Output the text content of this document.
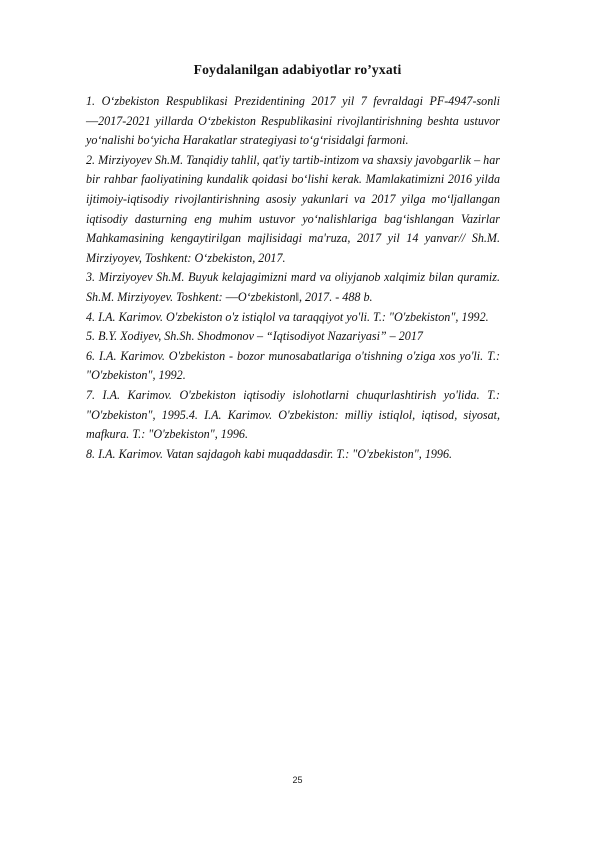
Foydalanilgan adabiyotlar ro’yxati

1. O‘zbekiston Respublikasi Prezidentining 2017 yil 7 fevraldagi PF-4947-sonli ―2017-2021 yillarda O‘zbekiston Respublikasini rivojlantirishning beshta ustuvor yo‘nalishi bo‘yicha Harakatlar strategiyasi to‘g‘risida‖gi farmoni.

2. Mirziyoyev Sh.M. Tanqidiy tahlil, qat'iy tartib-intizom va shaxsiy javobgarlik – har bir rahbar faoliyatining kundalik qoidasi bo‘lishi kerak. Mamlakatimizni 2016 yilda ijtimoiy-iqtisodiy rivojlantirishning asosiy yakunlari va 2017 yilga mo‘ljallangan iqtisodiy dasturning eng muhim ustuvor yo‘nalishlariga bag‘ishlangan Vazirlar Mahkamasining kengaytirilgan majlisidagi ma'ruza, 2017 yil 14 yanvar// Sh.M. Mirziyoyev, Toshkent: O‘zbekiston, 2017.

3. Mirziyoyev Sh.M. Buyuk kelajagimizni mard va oliyjanob xalqimiz bilan quramiz. Sh.M. Mirziyoyev. Toshkent: ―O‘zbekiston‖, 2017. - 488 b.

4. I.A. Karimov. O'zbekiston o'z istiqlol va taraqqiyot yo'li. T.: "O'zbekiston", 1992.

5. B.Y. Xodiyev, Sh.Sh. Shodmonov – “Iqtisodiyot Nazariyasi” – 2017

6. I.A. Karimov. O'zbekiston - bozor munosabatlariga o'tishning o'ziga xos yo'li. T.: "O'zbekiston", 1992.

7. I.A. Karimov. O'zbekiston iqtisodiy islohotlarni chuqurlashtirish yo'lida. T.: "O'zbekiston", 1995.4. I.A. Karimov. O'zbekiston: milliy istiqlol, iqtisod, siyosat, mafkura. T.: "O'zbekiston", 1996.

8. I.A. Karimov. Vatan sajdagoh kabi muqaddasdir. T.: "O'zbekiston", 1996.

25
